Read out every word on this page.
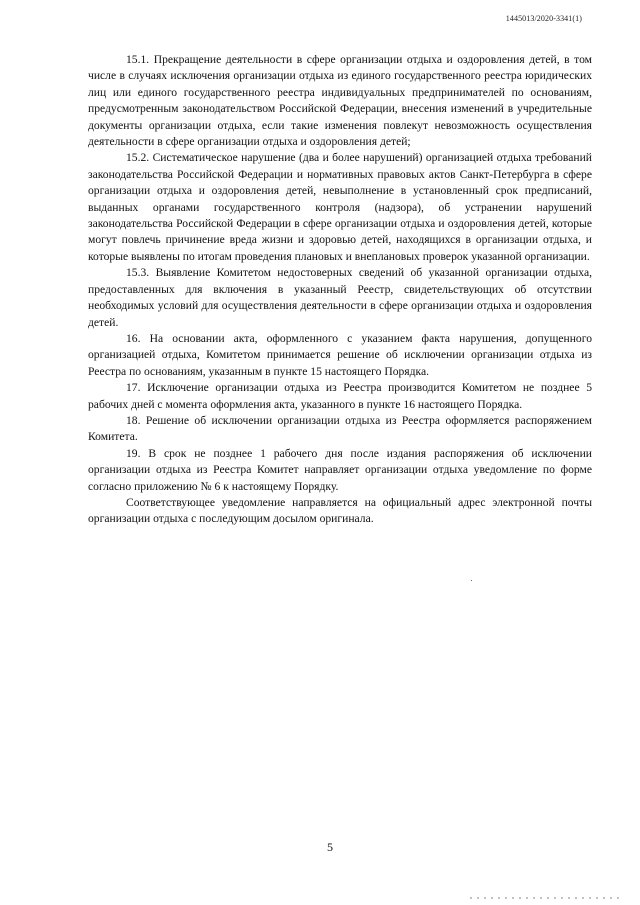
1445013/2020-3341(1)

15.1. Прекращение деятельности в сфере организации отдыха и оздоровления детей, в том числе в случаях исключения организации отдыха из единого государственного реестра юридических лиц или единого государственного реестра индивидуальных предпринимателей по основаниям, предусмотренным законодательством Российской Федерации, внесения изменений в учредительные документы организации отдыха, если такие изменения повлекут невозможность осуществления деятельности в сфере организации отдыха и оздоровления детей;

15.2. Систематическое нарушение (два и более нарушений) организацией отдыха требований законодательства Российской Федерации и нормативных правовых актов Санкт-Петербурга в сфере организации отдыха и оздоровления детей, невыполнение в установленный срок предписаний, выданных органами государственного контроля (надзора), об устранении нарушений законодательства Российской Федерации в сфере организации отдыха и оздоровления детей, которые могут повлечь причинение вреда жизни и здоровью детей, находящихся в организации отдыха, и которые выявлены по итогам проведения плановых и внеплановых проверок указанной организации.

15.3. Выявление Комитетом недостоверных сведений об указанной организации отдыха, предоставленных для включения в указанный Реестр, свидетельствующих об отсутствии необходимых условий для осуществления деятельности в сфере организации отдыха и оздоровления детей.

16. На основании акта, оформленного с указанием факта нарушения, допущенного организацией отдыха, Комитетом принимается решение об исключении организации отдыха из Реестра по основаниям, указанным в пункте 15 настоящего Порядка.

17. Исключение организации отдыха из Реестра производится Комитетом не позднее 5 рабочих дней с момента оформления акта, указанного в пункте 16 настоящего Порядка.

18. Решение об исключении организации отдыха из Реестра оформляется распоряжением Комитета.

19. В срок не позднее 1 рабочего дня после издания распоряжения об исключении организации отдыха из Реестра Комитет направляет организации отдыха уведомление по форме согласно приложению № 6 к настоящему Порядку.

Соответствующее уведомление направляется на официальный адрес электронной почты организации отдыха с последующим досылом оригинала.

5
